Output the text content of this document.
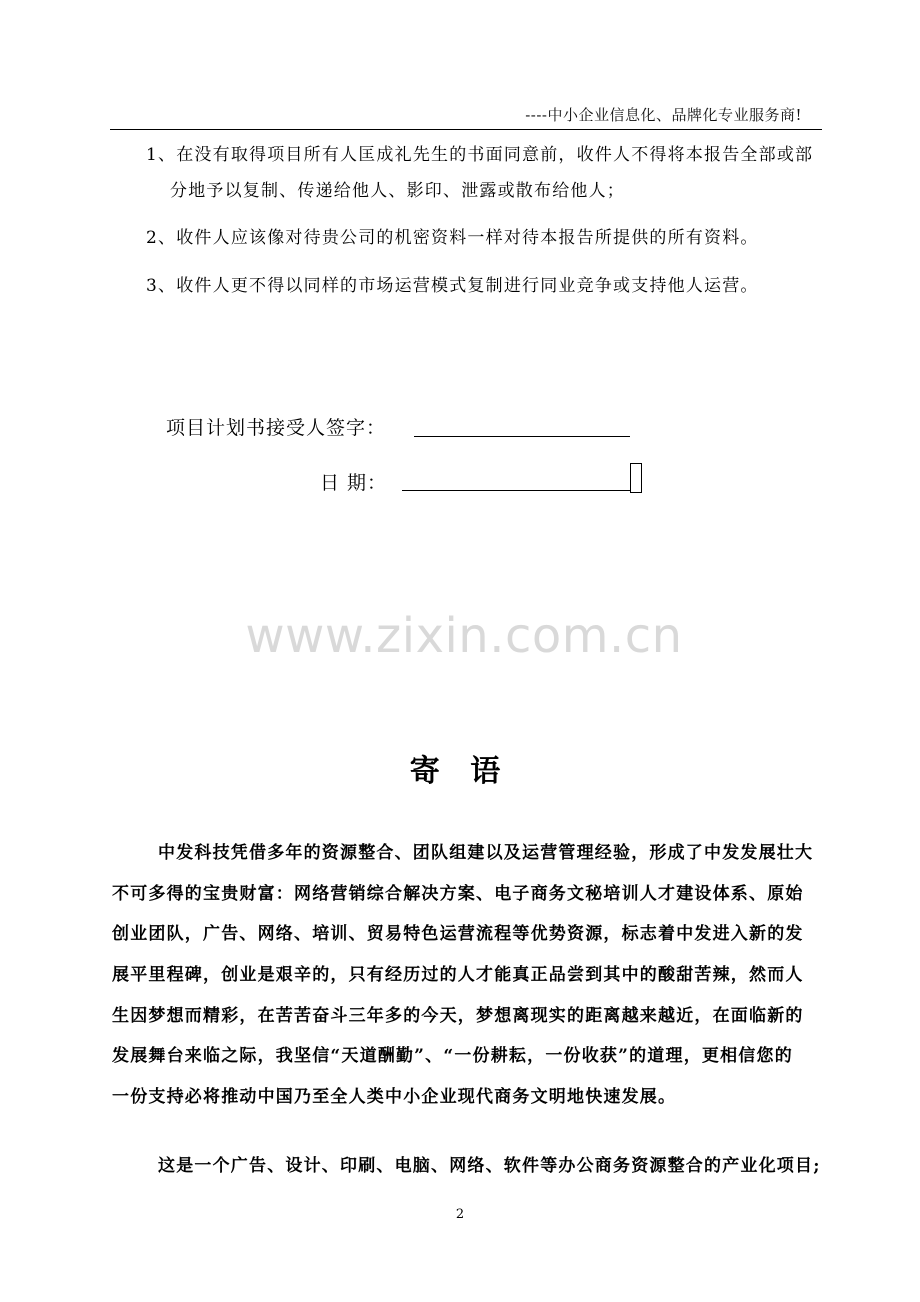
----中小企业信息化、品牌化专业服务商!
1、在没有取得项目所有人匡成礼先生的书面同意前，收件人不得将本报告全部或部
分地予以复制、传递给他人、影印、泄露或散布给他人；
2、收件人应该像对待贵公司的机密资料一样对待本报告所提供的所有资料。
3、收件人更不得以同样的市场运营模式复制进行同业竞争或支持他人运营。
项目计划书接受人签字：
日 期：
www.zixin.com.cn
寄 语
中发科技凭借多年的资源整合、团队组建以及运营管理经验，形成了中发发展壮大
不可多得的宝贵财富：网络营销综合解决方案、电子商务文秘培训人才建设体系、原始
创业团队，广告、网络、培训、贸易特色运营流程等优势资源，标志着中发进入新的发
展平里程碑，创业是艰辛的，只有经历过的人才能真正品尝到其中的酸甜苦辣，然而人
生因梦想而精彩，在苦苦奋斗三年多的今天，梦想离现实的距离越来越近，在面临新的
发展舞台来临之际，我坚信“天道酬勤”、“一份耕耘，一份收获”的道理，更相信您的
一份支持必将推动中国乃至全人类中小企业现代商务文明地快速发展。
这是一个广告、设计、印刷、电脑、网络、软件等办公商务资源整合的产业化项目;
2
